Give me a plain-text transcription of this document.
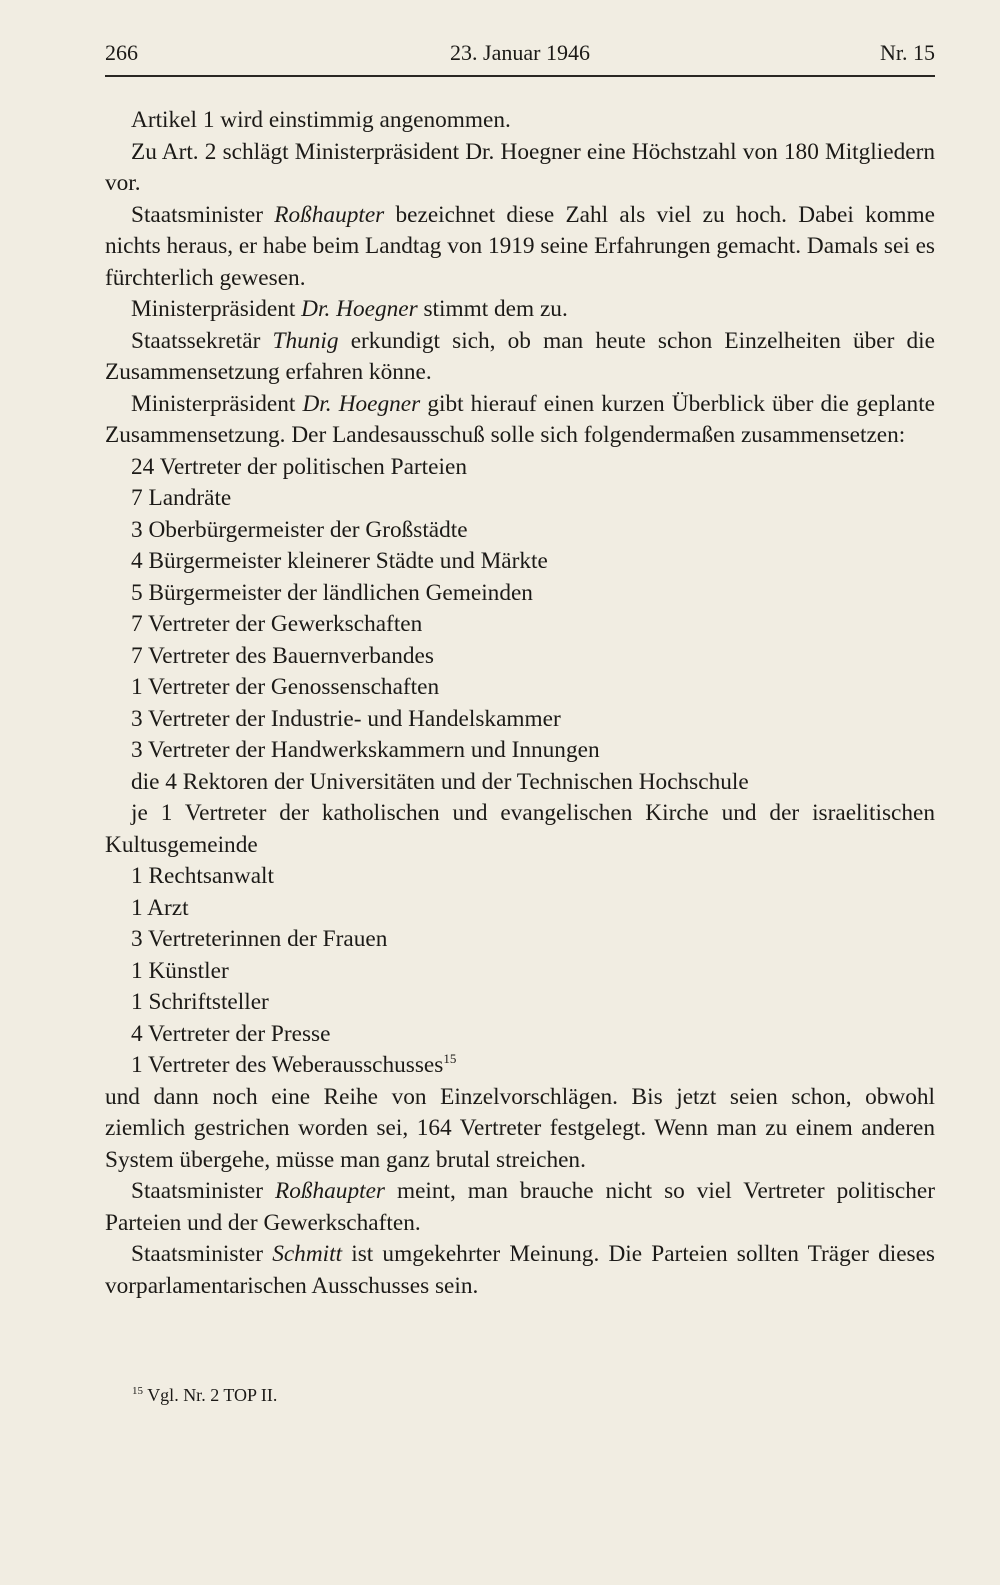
266	23. Januar 1946	Nr. 15

Artikel 1 wird einstimmig angenommen.

Zu Art. 2 schlägt Ministerpräsident Dr. Hoegner eine Höchstzahl von 180 Mitgliedern vor.

Staatsminister Roßhaupter bezeichnet diese Zahl als viel zu hoch. Dabei komme nichts heraus, er habe beim Landtag von 1919 seine Erfahrungen gemacht. Damals sei es fürchterlich gewesen.

Ministerpräsident Dr. Hoegner stimmt dem zu.

Staatssekretär Thunig erkundigt sich, ob man heute schon Einzelheiten über die Zusammensetzung erfahren könne.

Ministerpräsident Dr. Hoegner gibt hierauf einen kurzen Überblick über die geplante Zusammensetzung. Der Landesausschuß solle sich folgendermaßen zusammensetzen:

24 Vertreter der politischen Parteien
7 Landräte
3 Oberbürgermeister der Großstädte
4 Bürgermeister kleinerer Städte und Märkte
5 Bürgermeister der ländlichen Gemeinden
7 Vertreter der Gewerkschaften
7 Vertreter des Bauernverbandes
1 Vertreter der Genossenschaften
3 Vertreter der Industrie- und Handelskammer
3 Vertreter der Handwerkskammern und Innungen
die 4 Rektoren der Universitäten und der Technischen Hochschule
je 1 Vertreter der katholischen und evangelischen Kirche und der israelitischen Kultusgemeinde
1 Rechtsanwalt
1 Arzt
3 Vertreterinnen der Frauen
1 Künstler
1 Schriftsteller
4 Vertreter der Presse
1 Vertreter des Weberausschusses$^{15}$

und dann noch eine Reihe von Einzelvorschlägen. Bis jetzt seien schon, obwohl ziemlich gestrichen worden sei, 164 Vertreter festgelegt. Wenn man zu einem anderen System übergehe, müsse man ganz brutal streichen.

Staatsminister Roßhaupter meint, man brauche nicht so viel Vertreter politischer Parteien und der Gewerkschaften.

Staatsminister Schmitt ist umgekehrter Meinung. Die Parteien sollten Träger dieses vorparlamentarischen Ausschusses sein.

$^{15}$ Vgl. Nr. 2 TOP II.
